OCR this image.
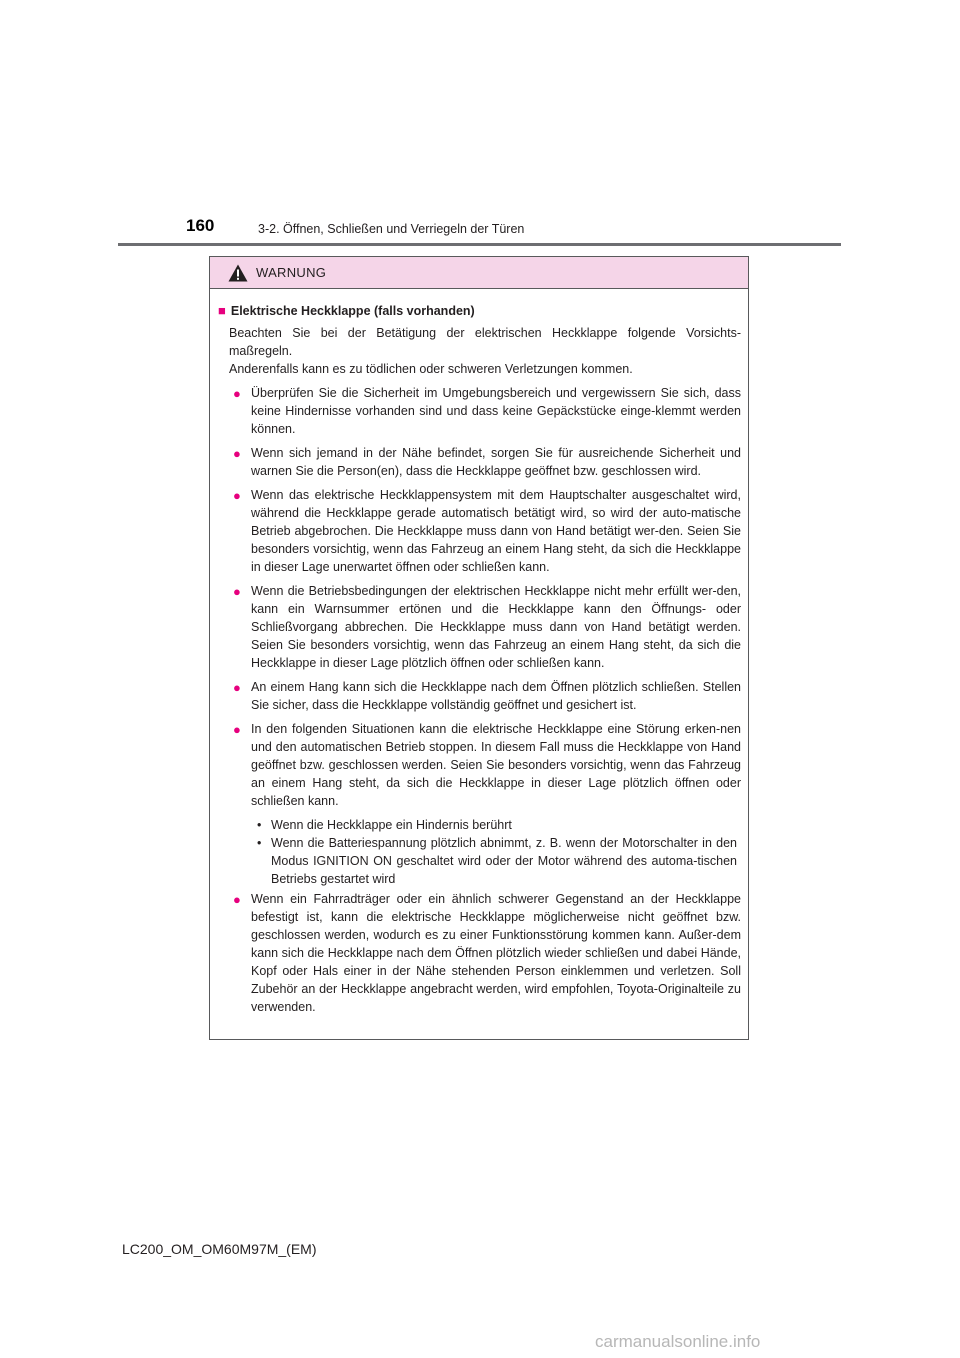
160	3-2. Öffnen, Schließen und Verriegeln der Türen
WARNUNG
■ Elektrische Heckklappe (falls vorhanden)
Beachten Sie bei der Betätigung der elektrischen Heckklappe folgende Vorsichts-maßregeln.
Anderenfalls kann es zu tödlichen oder schweren Verletzungen kommen.
● Überprüfen Sie die Sicherheit im Umgebungsbereich und vergewissern Sie sich, dass keine Hindernisse vorhanden sind und dass keine Gepäckstücke einge-klemmt werden können.
● Wenn sich jemand in der Nähe befindet, sorgen Sie für ausreichende Sicherheit und warnen Sie die Person(en), dass die Heckklappe geöffnet bzw. geschlossen wird.
● Wenn das elektrische Heckklappensystem mit dem Hauptschalter ausgeschaltet wird, während die Heckklappe gerade automatisch betätigt wird, so wird der auto-matische Betrieb abgebrochen. Die Heckklappe muss dann von Hand betätigt wer-den. Seien Sie besonders vorsichtig, wenn das Fahrzeug an einem Hang steht, da sich die Heckklappe in dieser Lage unerwartet öffnen oder schließen kann.
● Wenn die Betriebsbedingungen der elektrischen Heckklappe nicht mehr erfüllt wer-den, kann ein Warnsummer ertönen und die Heckklappe kann den Öffnungs- oder Schließvorgang abbrechen. Die Heckklappe muss dann von Hand betätigt werden. Seien Sie besonders vorsichtig, wenn das Fahrzeug an einem Hang steht, da sich die Heckklappe in dieser Lage plötzlich öffnen oder schließen kann.
● An einem Hang kann sich die Heckklappe nach dem Öffnen plötzlich schließen. Stellen Sie sicher, dass die Heckklappe vollständig geöffnet und gesichert ist.
● In den folgenden Situationen kann die elektrische Heckklappe eine Störung erken-nen und den automatischen Betrieb stoppen. In diesem Fall muss die Heckklappe von Hand geöffnet bzw. geschlossen werden. Seien Sie besonders vorsichtig, wenn das Fahrzeug an einem Hang steht, da sich die Heckklappe in dieser Lage plötzlich öffnen oder schließen kann.
• Wenn die Heckklappe ein Hindernis berührt
• Wenn die Batteriespannung plötzlich abnimmt, z. B. wenn der Motorschalter in den Modus IGNITION ON geschaltet wird oder der Motor während des automa-tischen Betriebs gestartet wird
● Wenn ein Fahrradträger oder ein ähnlich schwerer Gegenstand an der Heckklappe befestigt ist, kann die elektrische Heckklappe möglicherweise nicht geöffnet bzw. geschlossen werden, wodurch es zu einer Funktionsstörung kommen kann. Außer-dem kann sich die Heckklappe nach dem Öffnen plötzlich wieder schließen und dabei Hände, Kopf oder Hals einer in der Nähe stehenden Person einklemmen und verletzen. Soll Zubehör an der Heckklappe angebracht werden, wird empfohlen, Toyota-Originalteile zu verwenden.
LC200_OM_OM60M97M_(EM)
carmanualsonline.info
